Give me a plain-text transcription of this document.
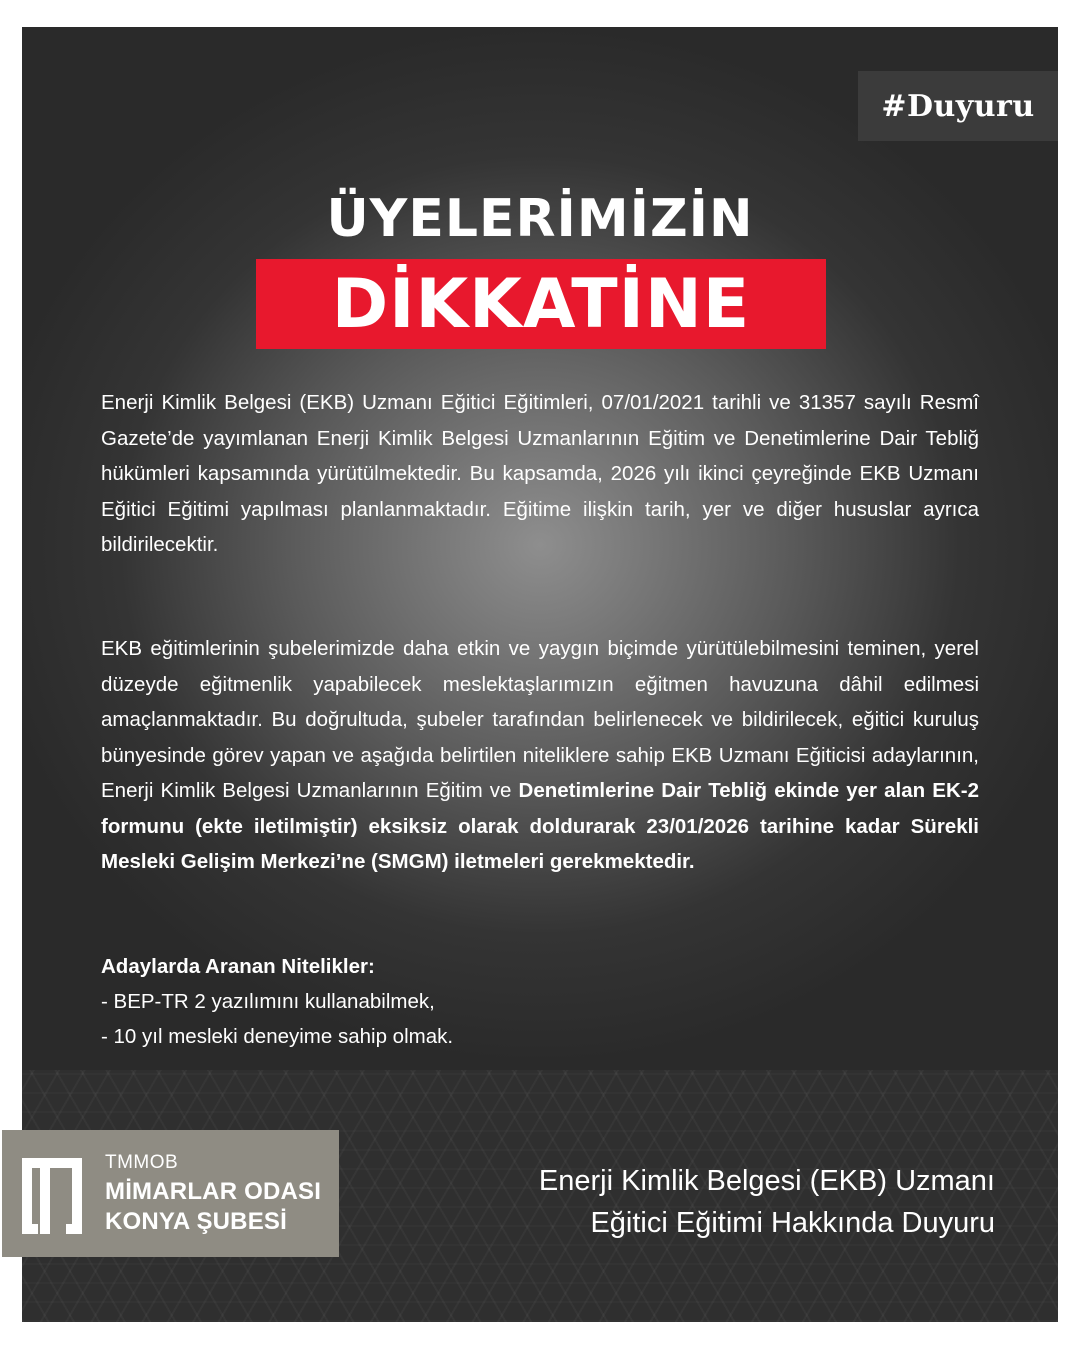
#Duyuru
ÜYELERİMİZİN
DİKKATİNE

Enerji Kimlik Belgesi (EKB) Uzmanı Eğitici Eğitimleri, 07/01/2021 tarihli ve 31357 sayılı Resmî Gazete’de yayımlanan Enerji Kimlik Belgesi Uzmanlarının Eğitim ve Denetimlerine Dair Tebliğ hükümleri kapsamında yürütülmektedir. Bu kapsamda, 2026 yılı ikinci çeyreğinde EKB Uzmanı Eğitici Eğitimi yapılması planlanmaktadır. Eğitime ilişkin tarih, yer ve diğer hususlar ayrıca bildirilecektir.

EKB eğitimlerinin şubelerimizde daha etkin ve yaygın biçimde yürütülebilmesini teminen, yerel düzeyde eğitmenlik yapabilecek meslektaşlarımızın eğitmen havuzuna dâhil edilmesi amaçlanmaktadır. Bu doğrultuda, şubeler tarafından belirlenecek ve bildirilecek, eğitici kuruluş bünyesinde görev yapan ve aşağıda belirtilen niteliklere sahip EKB Uzmanı Eğiticisi adaylarının, Enerji Kimlik Belgesi Uzmanlarının Eğitim ve Denetimlerine Dair Tebliğ ekinde yer alan EK-2 formunu (ekte iletilmiştir) eksiksiz olarak doldurarak 23/01/2026 tarihine kadar Sürekli Mesleki Gelişim Merkezi’ne (SMGM) iletmeleri gerekmektedir.

Adaylarda Aranan Nitelikler:
- BEP-TR 2 yazılımını kullanabilmek,
- 10 yıl mesleki deneyime sahip olmak.
TMMOB
MİMARLAR ODASI
KONYA ŞUBESİ
Enerji Kimlik Belgesi (EKB) Uzmanı
Eğitici Eğitimi Hakkında Duyuru
